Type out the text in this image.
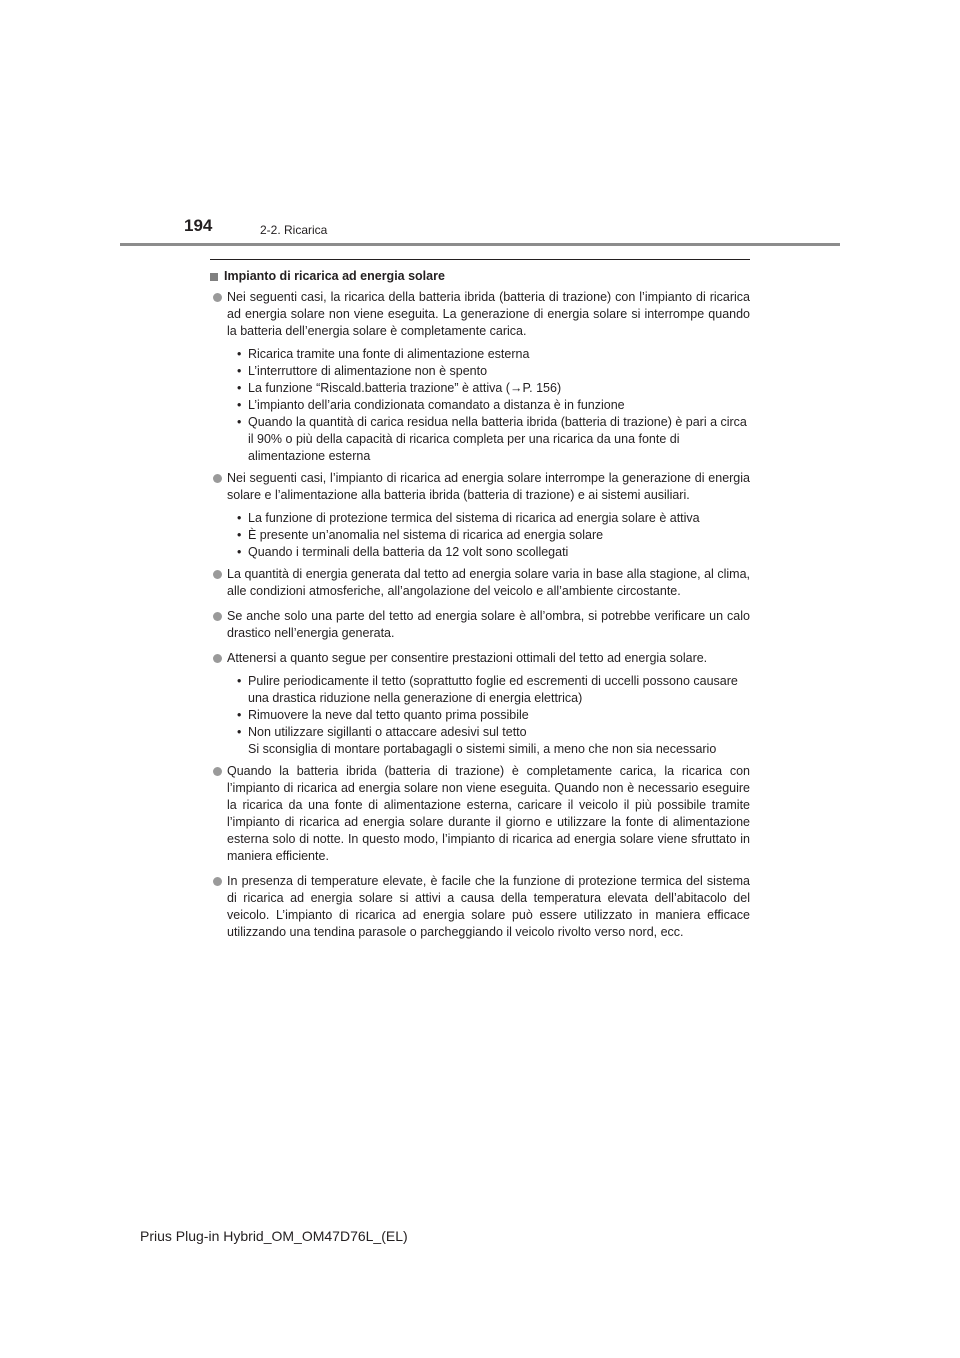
194	2-2. Ricarica
Impianto di ricarica ad energia solare
Nei seguenti casi, la ricarica della batteria ibrida (batteria di trazione) con l’impianto di ricarica ad energia solare non viene eseguita. La generazione di energia solare si interrompe quando la batteria dell’energia solare è completamente carica.
• Ricarica tramite una fonte di alimentazione esterna
• L’interruttore di alimentazione non è spento
• La funzione “Riscald.batteria trazione” è attiva (→P. 156)
• L’impianto dell’aria condizionata comandato a distanza è in funzione
• Quando la quantità di carica residua nella batteria ibrida (batteria di trazione) è pari a circa il 90% o più della capacità di ricarica completa per una ricarica da una fonte di alimentazione esterna
Nei seguenti casi, l’impianto di ricarica ad energia solare interrompe la generazione di energia solare e l’alimentazione alla batteria ibrida (batteria di trazione) e ai sistemi ausiliari.
• La funzione di protezione termica del sistema di ricarica ad energia solare è attiva
• È presente un’anomalia nel sistema di ricarica ad energia solare
• Quando i terminali della batteria da 12 volt sono scollegati
La quantità di energia generata dal tetto ad energia solare varia in base alla stagione, al clima, alle condizioni atmosferiche, all’angolazione del veicolo e all’ambiente circostante.
Se anche solo una parte del tetto ad energia solare è all’ombra, si potrebbe verificare un calo drastico nell’energia generata.
Attenersi a quanto segue per consentire prestazioni ottimali del tetto ad energia solare.
• Pulire periodicamente il tetto (soprattutto foglie ed escrementi di uccelli possono causare una drastica riduzione nella generazione di energia elettrica)
• Rimuovere la neve dal tetto quanto prima possibile
• Non utilizzare sigillanti o attaccare adesivi sul tetto
Si sconsiglia di montare portabagagli o sistemi simili, a meno che non sia necessario
Quando la batteria ibrida (batteria di trazione) è completamente carica, la ricarica con l’impianto di ricarica ad energia solare non viene eseguita. Quando non è necessario eseguire la ricarica da una fonte di alimentazione esterna, caricare il veicolo il più possibile tramite l’impianto di ricarica ad energia solare durante il giorno e utilizzare la fonte di alimentazione esterna solo di notte. In questo modo, l’impianto di ricarica ad energia solare viene sfruttato in maniera efficiente.
In presenza di temperature elevate, è facile che la funzione di protezione termica del sistema di ricarica ad energia solare si attivi a causa della temperatura elevata dell’abitacolo del veicolo. L’impianto di ricarica ad energia solare può essere utilizzato in maniera efficace utilizzando una tendina parasole o parcheggiando il veicolo rivolto verso nord, ecc.
Prius Plug-in Hybrid_OM_OM47D76L_(EL)
